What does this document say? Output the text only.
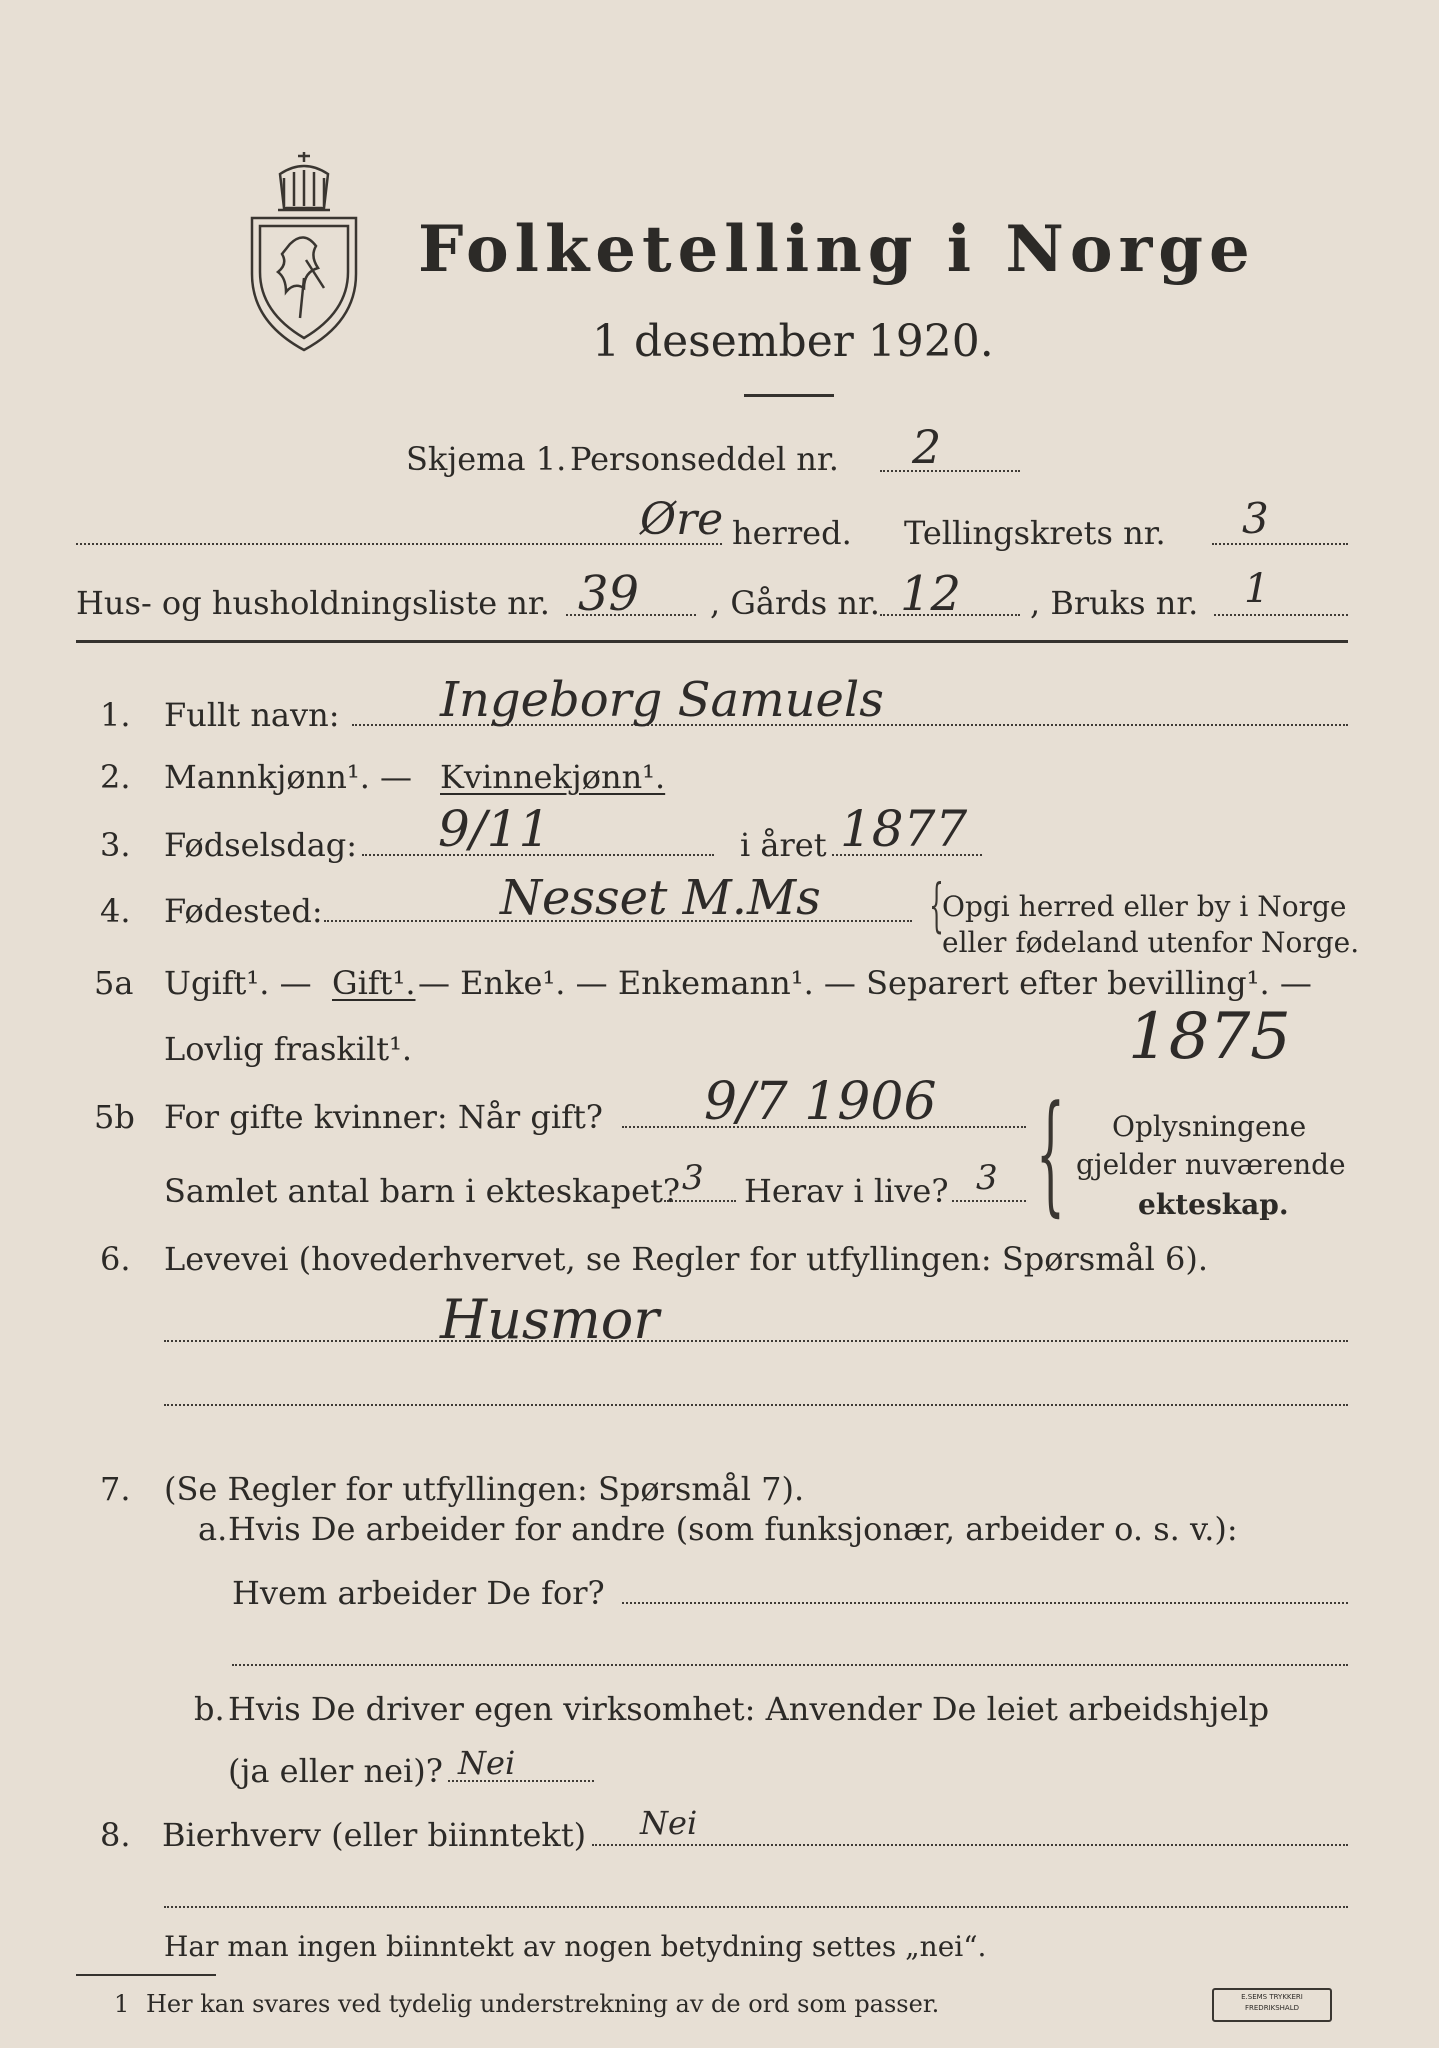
Folketelling i Norge
1 desember 1920.
Skjema 1. Personseddel nr. 2
Øre herred. Tellingskrets nr. 3
Hus- og husholdningsliste nr. 39 , Gårds nr. 12 , Bruks nr. 1
1. Fullt navn: Ingeborg Samuels
2. Mannkjønn¹. — Kvinnekjønn¹.
3. Fødselsdag: 9/11	i året 1877
4. Fødested:	Nesset M.Ms {
Opgi herred eller by i Norge
eller fødeland utenfor Norge.
5a Ugift¹. — Gift¹. — Enke¹. — Enkemann¹. — Separert efter bevilling¹. —
Lovlig fraskilt¹.	1875
5b For gifte kvinner: Når gift? 9/7 1906
Samlet antal barn i ekteskapet? 3 Herav i live? 3 { Oplysningene
gjelder nuværende
ekteskap.
6. Levevei (hovederhvervet, se Regler for utfyllingen: Spørsmål 6).
Husmor
7. (Se Regler for utfyllingen: Spørsmål 7).
a. Hvis De arbeider for andre (som funksjonær, arbeider o. s. v.):
Hvem arbeider De for?
b. Hvis De driver egen virksomhet: Anvender De leiet arbeidshjelp
(ja eller nei)? Nei
8. Bierhverv (eller biinntekt) Nei
Har man ingen biinntekt av nogen betydning settes „nei“.
1 Her kan svares ved tydelig understrekning av de ord som passer.	E.SEMS TRYKKERI
FREDRIKSHALD
